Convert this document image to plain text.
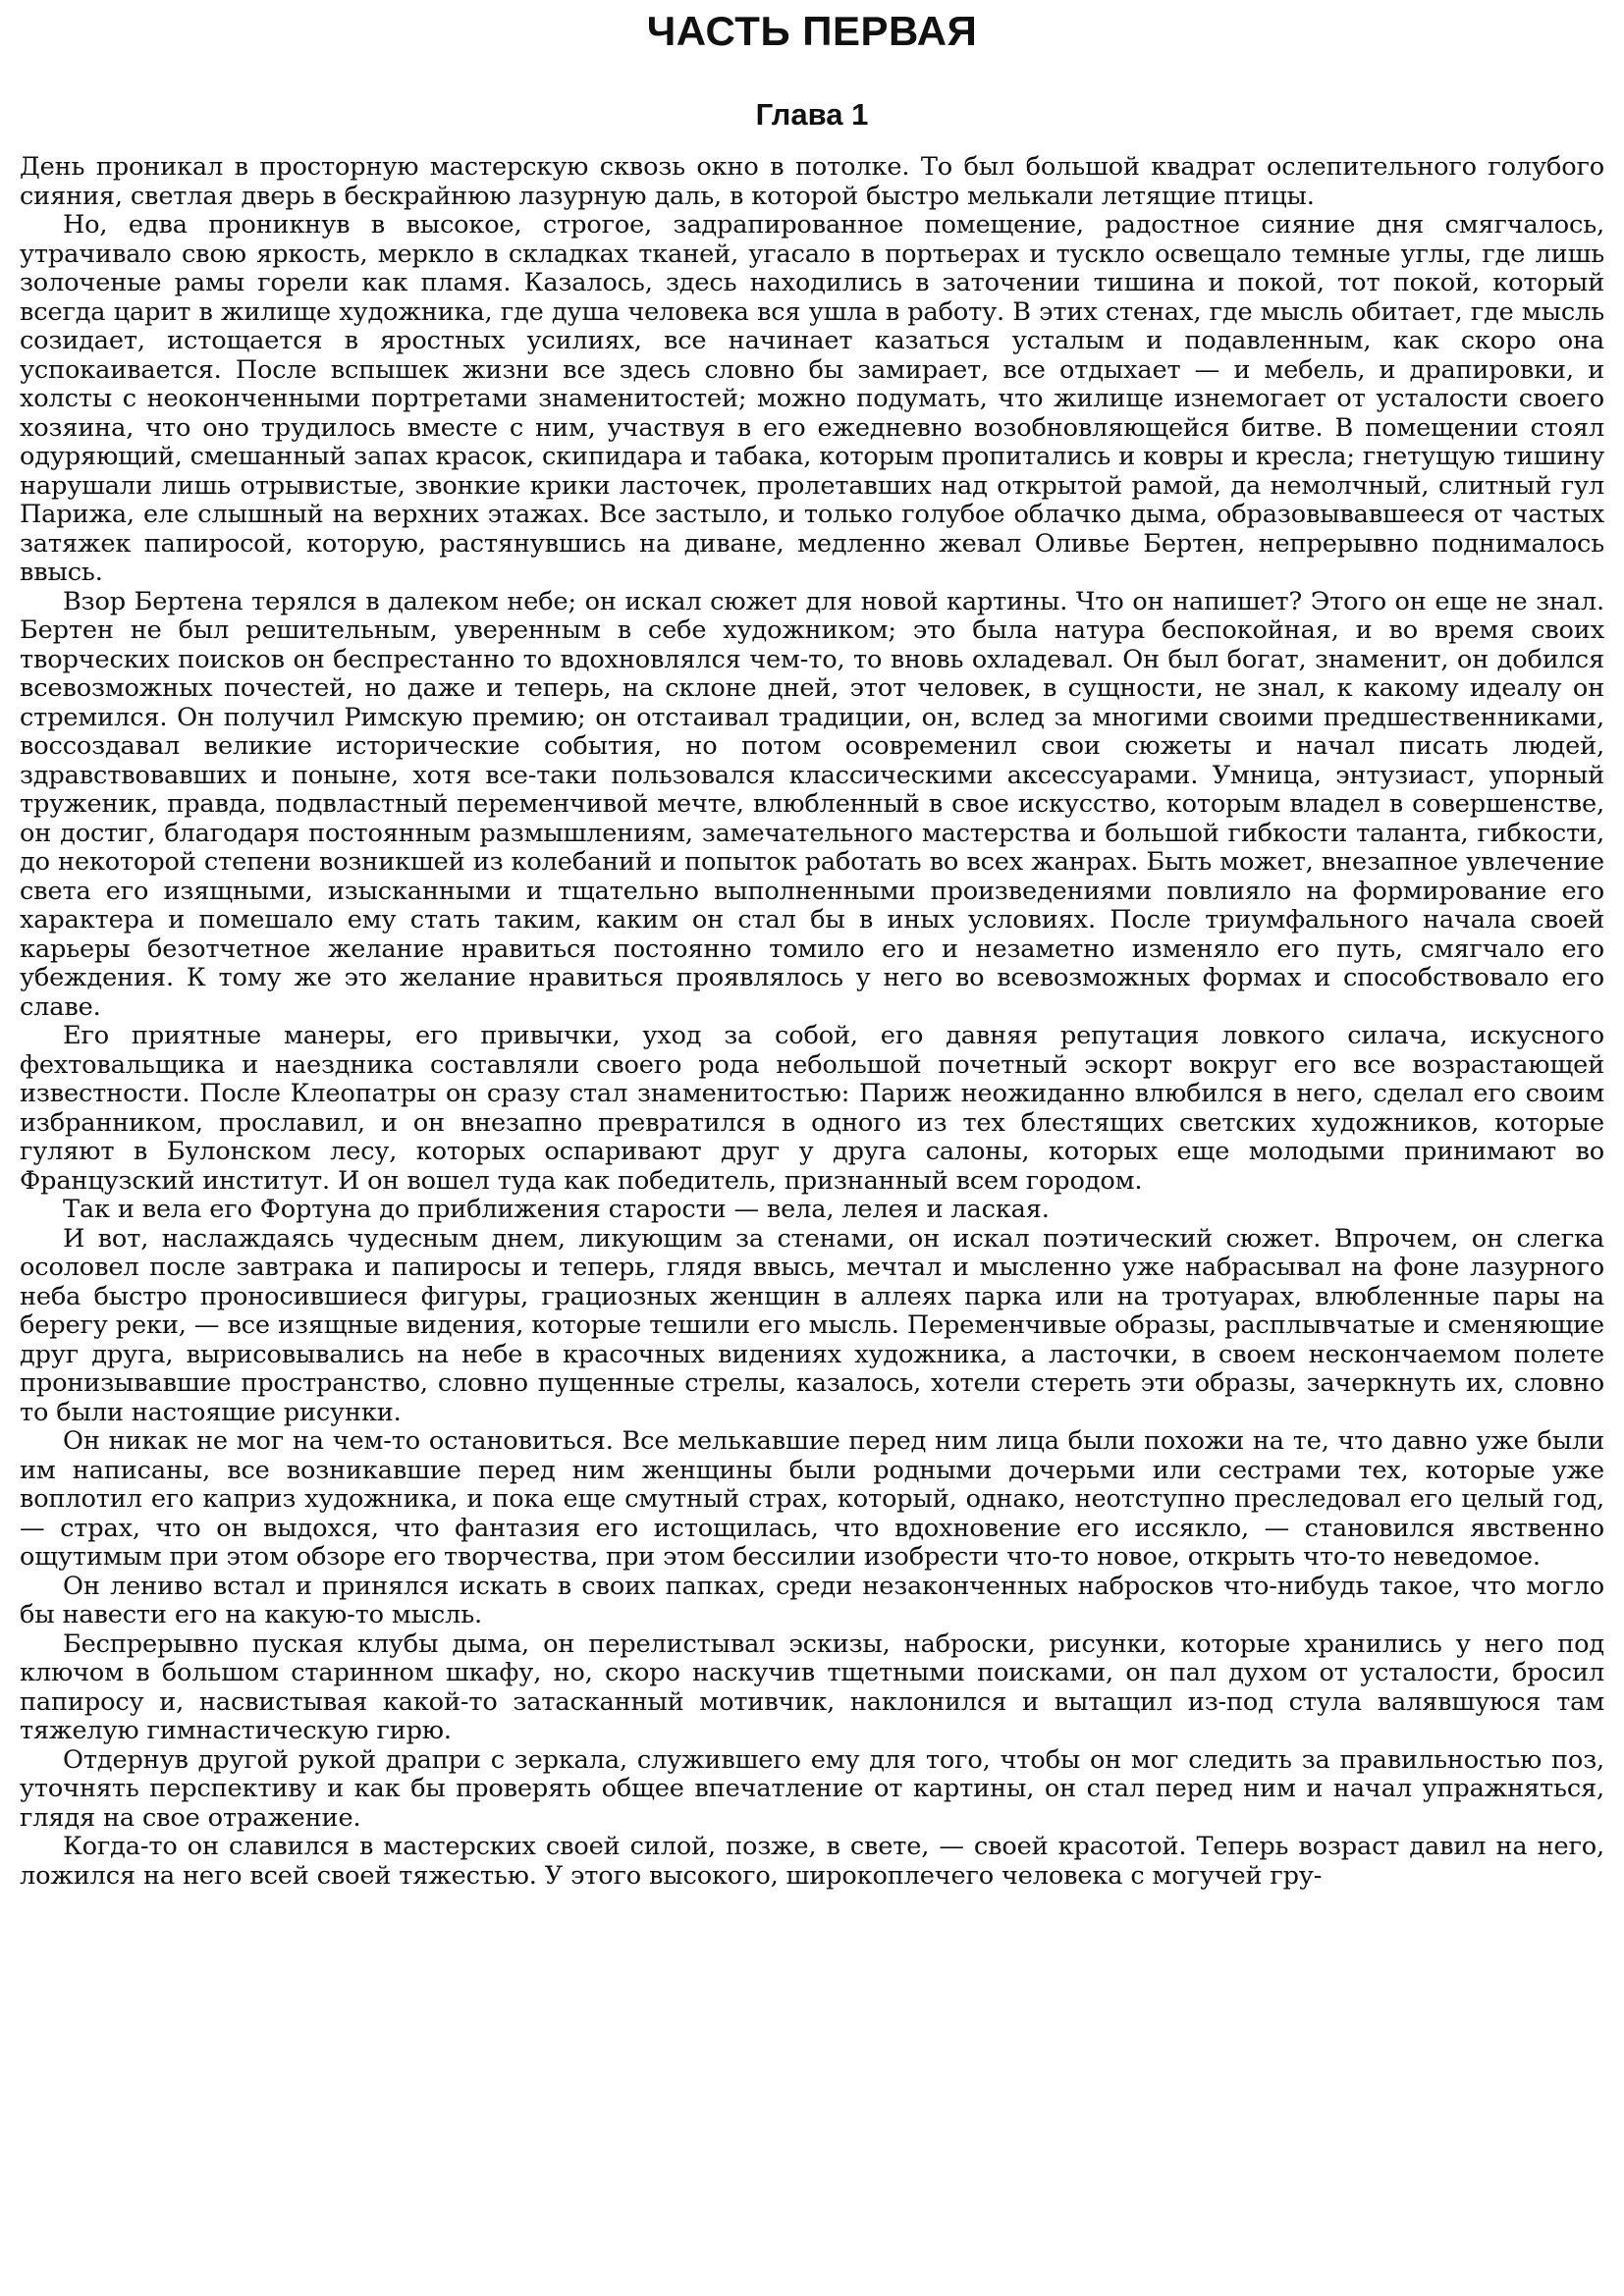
ЧАСТЬ ПЕРВАЯ
Глава 1

День проникал в просторную мастерскую сквозь окно в потолке. То был большой квадрат ослепительного голубого сияния, светлая дверь в бескрайнюю лазурную даль, в которой быстро мелькали летящие птицы.

Но, едва проникнув в высокое, строгое, задрапированное помещение, радостное сияние дня смягчалось, утрачивало свою яркость, меркло в складках тканей, угасало в портьерах и тускло освещало темные углы, где лишь золоченые рамы горели как пламя. Казалось, здесь находились в заточении тишина и покой, тот покой, который всегда царит в жилище художника, где душа человека вся ушла в работу. В этих стенах, где мысль обитает, где мысль созидает, истощается в яростных усилиях, все начинает казаться усталым и подавленным, как скоро она успокаивается. После вспышек жизни все здесь словно бы замирает, все отдыхает — и мебель, и драпировки, и холсты с неоконченными портретами знаменитостей; можно подумать, что жилище изнемогает от усталости своего хозяина, что оно трудилось вместе с ним, участвуя в его ежедневно возобновляющейся битве. В помещении стоял одуряющий, смешанный запах красок, скипидара и табака, которым пропитались и ковры и кресла; гнетущую тишину нарушали лишь отрывистые, звонкие крики ласточек, пролетавших над открытой рамой, да немолчный, слитный гул Парижа, еле слышный на верхних этажах. Все застыло, и только голубое облачко дыма, образовывавшееся от частых затяжек папиросой, которую, растянувшись на диване, медленно жевал Оливье Бертен, непрерывно поднималось ввысь.

Взор Бертена терялся в далеком небе; он искал сюжет для новой картины. Что он напишет? Этого он еще не знал. Бертен не был решительным, уверенным в себе художником; это была натура беспокойная, и во время своих творческих поисков он беспрестанно то вдохновлялся чем-то, то вновь охладевал. Он был богат, знаменит, он добился всевозможных почестей, но даже и теперь, на склоне дней, этот человек, в сущности, не знал, к какому идеалу он стремился. Он получил Римскую премию; он отстаивал традиции, он, вслед за многими своими предшественниками, воссоздавал великие исторические события, но потом осовременил свои сюжеты и начал писать людей, здравствовавших и поныне, хотя все-таки пользовался классическими аксессуарами. Умница, энтузиаст, упорный труженик, правда, подвластный переменчивой мечте, влюбленный в свое искусство, которым владел в совершенстве, он достиг, благодаря постоянным размышлениям, замечательного мастерства и большой гибкости таланта, гибкости, до некоторой степени возникшей из колебаний и попыток работать во всех жанрах. Быть может, внезапное увлечение света его изящными, изысканными и тщательно выполненными произведениями повлияло на формирование его характера и помешало ему стать таким, каким он стал бы в иных условиях. После триумфального начала своей карьеры безотчетное желание нравиться постоянно томило его и незаметно изменяло его путь, смягчало его убеждения. К тому же это желание нравиться проявлялось у него во всевозможных формах и способствовало его славе.

Его приятные манеры, его привычки, уход за собой, его давняя репутация ловкого силача, искусного фехтовальщика и наездника составляли своего рода небольшой почетный эскорт вокруг его все возрастающей известности. После Клеопатры он сразу стал знаменитостью: Париж неожиданно влюбился в него, сделал его своим избранником, прославил, и он внезапно превратился в одного из тех блестящих светских художников, которые гуляют в Булонском лесу, которых оспаривают друг у друга салоны, которых еще молодыми принимают во Французский институт. И он вошел туда как победитель, признанный всем городом.

Так и вела его Фортуна до приближения старости — вела, лелея и лаская.

И вот, наслаждаясь чудесным днем, ликующим за стенами, он искал поэтический сюжет. Впрочем, он слегка осоловел после завтрака и папиросы и теперь, глядя ввысь, мечтал и мысленно уже набрасывал на фоне лазурного неба быстро проносившиеся фигуры, грациозных женщин в аллеях парка или на тротуарах, влюбленные пары на берегу реки, — все изящные видения, которые тешили его мысль. Переменчивые образы, расплывчатые и сменяющие друг друга, вырисовывались на небе в красочных видениях художника, а ласточки, в своем нескончаемом полете пронизывавшие пространство, словно пущенные стрелы, казалось, хотели стереть эти образы, зачеркнуть их, словно то были настоящие рисунки.

Он никак не мог на чем-то остановиться. Все мелькавшие перед ним лица были похожи на те, что давно уже были им написаны, все возникавшие перед ним женщины были родными дочерьми или сестрами тех, которые уже воплотил его каприз художника, и пока еще смутный страх, который, однако, неотступно преследовал его целый год, — страх, что он выдохся, что фантазия его истощилась, что вдохновение его иссякло, — становился явственно ощутимым при этом обзоре его творчества, при этом бессилии изобрести что-то новое, открыть что-то неведомое.

Он лениво встал и принялся искать в своих папках, среди незаконченных набросков что-нибудь такое, что могло бы навести его на какую-то мысль.

Беспрерывно пуская клубы дыма, он перелистывал эскизы, наброски, рисунки, которые хранились у него под ключом в большом старинном шкафу, но, скоро наскучив тщетными поисками, он пал духом от усталости, бросил папиросу и, насвистывая какой-то затасканный мотивчик, наклонился и вытащил из-под стула валявшуюся там тяжелую гимнастическую гирю.

Отдернув другой рукой драпри с зеркала, служившего ему для того, чтобы он мог следить за правильностью поз, уточнять перспективу и как бы проверять общее впечатление от картины, он стал перед ним и начал упражняться, глядя на свое отражение.

Когда-то он славился в мастерских своей силой, позже, в свете, — своей красотой. Теперь возраст давил на него, ложился на него всей своей тяжестью. У этого высокого, широкоплечего человека с могучей гру-
